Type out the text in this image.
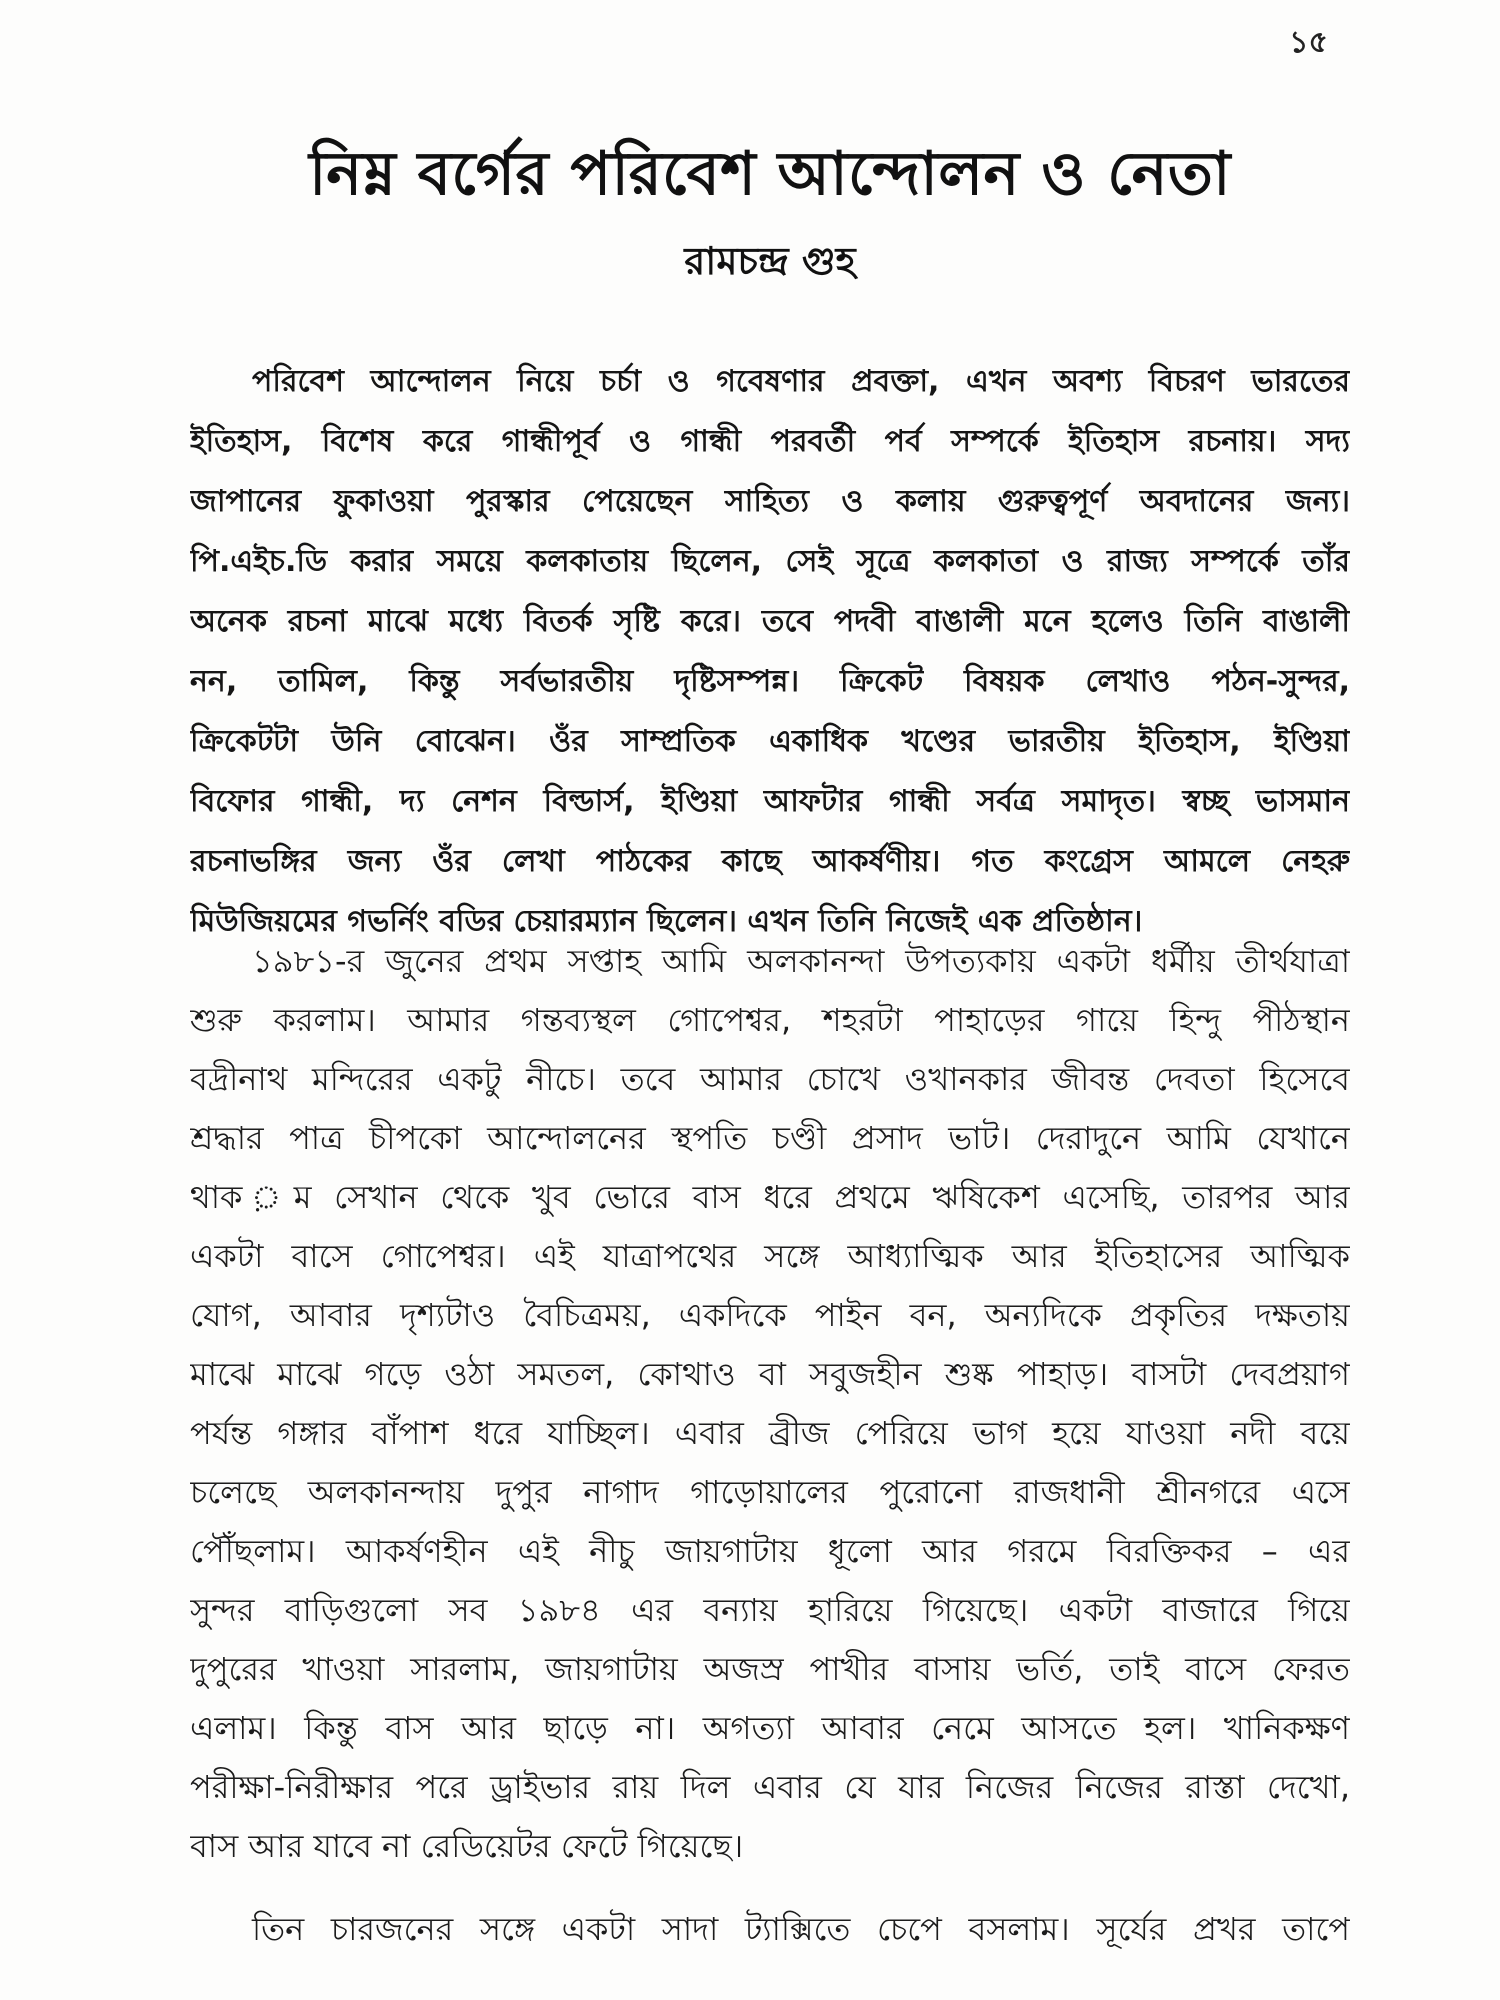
১৫
নিম্ন বর্গের পরিবেশ আন্দোলন ও নেতা
রামচন্দ্র গুহ

পরিবেশ আন্দোলন নিয়ে চর্চা ও গবেষণার প্রবক্তা, এখন অবশ্য বিচরণ ভারতের
ইতিহাস, বিশেষ করে গান্ধীপূর্ব ও গান্ধী পরবর্তী পর্ব সম্পর্কে ইতিহাস রচনায়। সদ্য
জাপানের ফুকাওয়া পুরস্কার পেয়েছেন সাহিত্য ও কলায় গুরুত্বপূর্ণ অবদানের জন্য।
পি.এইচ.ডি করার সময়ে কলকাতায় ছিলেন, সেই সূত্রে কলকাতা ও রাজ্য সম্পর্কে তাঁর
অনেক রচনা মাঝে মধ্যে বিতর্ক সৃষ্টি করে। তবে পদবী বাঙালী মনে হলেও তিনি বাঙালী
নন, তামিল, কিন্তু সর্বভারতীয় দৃষ্টিসম্পন্ন। ক্রিকেট বিষয়ক লেখাও পঠন-সুন্দর,
ক্রিকেটটা উনি বোঝেন। ওঁর সাম্প্রতিক একাধিক খণ্ডের ভারতীয় ইতিহাস, ইণ্ডিয়া
বিফোর গান্ধী, দ্য নেশন বিল্ডার্স, ইণ্ডিয়া আফটার গান্ধী সর্বত্র সমাদৃত। স্বচ্ছ ভাসমান
রচনাভঙ্গির জন্য ওঁর লেখা পাঠকের কাছে আকর্ষণীয়। গত কংগ্রেস আমলে নেহরু
মিউজিয়মের গভর্নিং বডির চেয়ারম্যান ছিলেন। এখন তিনি নিজেই এক প্রতিষ্ঠান।

১৯৮১-র জুনের প্রথম সপ্তাহ আমি অলকানন্দা উপত্যকায় একটা ধর্মীয় তীর্থযাত্রা
শুরু করলাম। আমার গন্তব্যস্থল গোপেশ্বর, শহরটা পাহাড়ের গায়ে হিন্দু পীঠস্থান
বদ্রীনাথ মন্দিরের একটু নীচে। তবে আমার চোখে ওখানকার জীবন্ত দেবতা হিসেবে
শ্রদ্ধার পাত্র চীপকো আন্দোলনের স্থপতি চণ্ডী প্রসাদ ভাট। দেরাদুনে আমি যেখানে
থাক ়ম সেখান থেকে খুব ভোরে বাস ধরে প্রথমে ঋষিকেশ এসেছি, তারপর আর
একটা বাসে গোপেশ্বর। এই যাত্রাপথের সঙ্গে আধ্যাত্মিক আর ইতিহাসের আত্মিক
যোগ, আবার দৃশ্যটাও বৈচিত্রময়, একদিকে পাইন বন, অন্যদিকে প্রকৃতির দক্ষতায়
মাঝে মাঝে গড়ে ওঠা সমতল, কোথাও বা সবুজহীন শুষ্ক পাহাড়। বাসটা দেবপ্রয়াগ
পর্যন্ত গঙ্গার বাঁপাশ ধরে যাচ্ছিল। এবার ব্রীজ পেরিয়ে ভাগ হয়ে যাওয়া নদী বয়ে
চলেছে অলকানন্দায় দুপুর নাগাদ গাড়োয়ালের পুরোনো রাজধানী শ্রীনগরে এসে
পৌঁছলাম। আকর্ষণহীন এই নীচু জায়গাটায় ধূলো আর গরমে বিরক্তিকর – এর
সুন্দর বাড়িগুলো সব ১৯৮৪ এর বন্যায় হারিয়ে গিয়েছে। একটা বাজারে গিয়ে
দুপুরের খাওয়া সারলাম, জায়গাটায় অজস্র পাখীর বাসায় ভর্তি, তাই বাসে ফেরত
এলাম। কিন্তু বাস আর ছাড়ে না। অগত্যা আবার নেমে আসতে হল। খানিকক্ষণ
পরীক্ষা-নিরীক্ষার পরে ড্রাইভার রায় দিল এবার যে যার নিজের নিজের রাস্তা দেখো,
বাস আর যাবে না রেডিয়েটর ফেটে গিয়েছে।

তিন চারজনের সঙ্গে একটা সাদা ট্যাক্সিতে চেপে বসলাম। সূর্যের প্রখর তাপে
